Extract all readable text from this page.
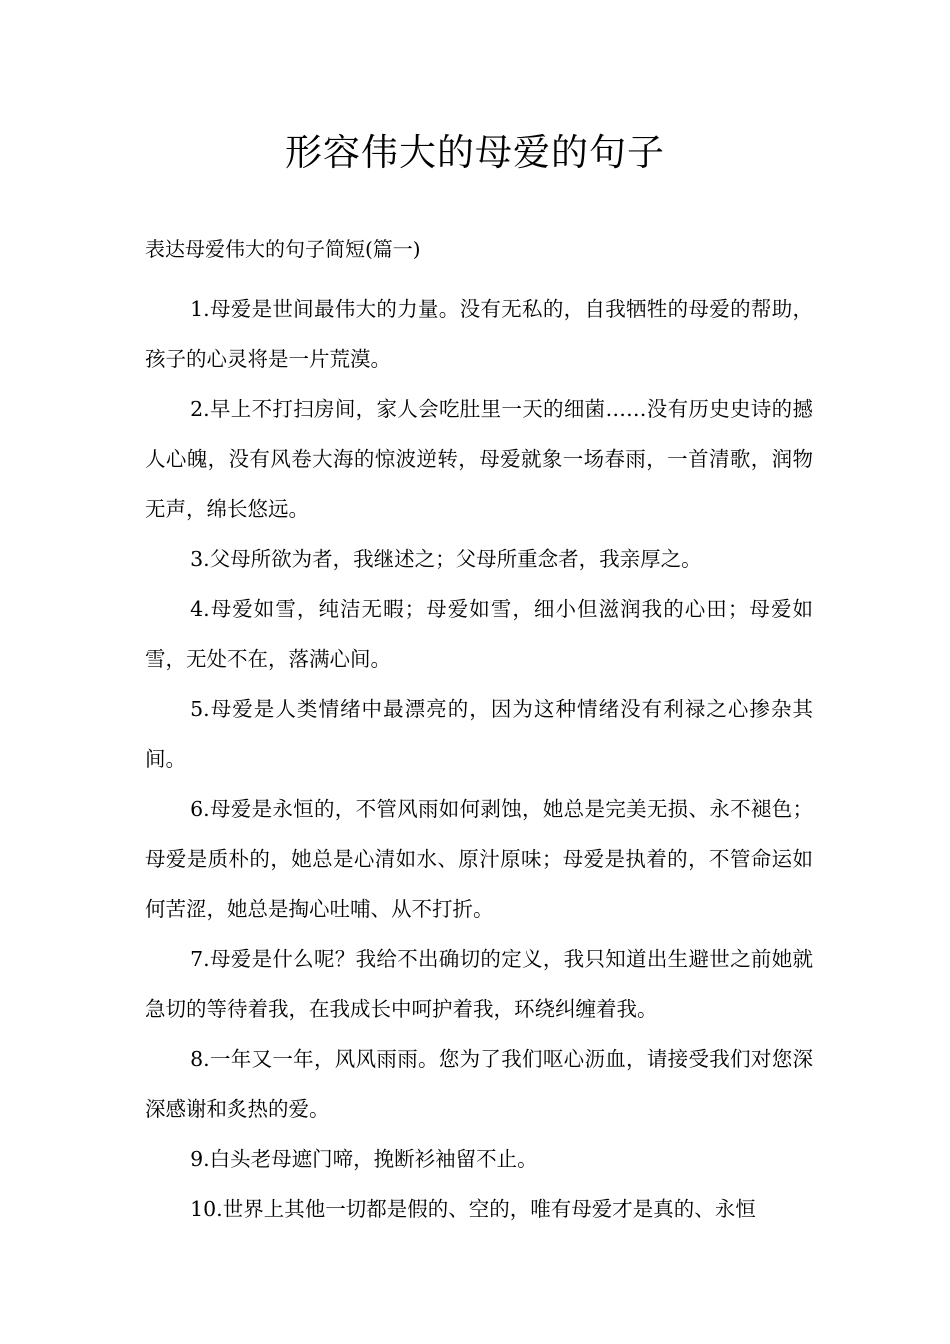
形容伟大的母爱的句子
表达母爱伟大的句子简短(篇一)

1.母爱是世间最伟大的力量。没有无私的，自我牺牲的母爱的帮助，孩子的心灵将是一片荒漠。

2.早上不打扫房间，家人会吃肚里一天的细菌……没有历史史诗的撼人心魄，没有风卷大海的惊波逆转，母爱就象一场春雨，一首清歌，润物无声，绵长悠远。

3.父母所欲为者，我继述之；父母所重念者，我亲厚之。

4.母爱如雪，纯洁无暇；母爱如雪，细小但滋润我的心田；母爱如雪，无处不在，落满心间。

5.母爱是人类情绪中最漂亮的，因为这种情绪没有利禄之心掺杂其间。

6.母爱是永恒的，不管风雨如何剥蚀，她总是完美无损、永不褪色；母爱是质朴的，她总是心清如水、原汁原味；母爱是执着的，不管命运如何苦涩，她总是掏心吐哺、从不打折。

7.母爱是什么呢？我给不出确切的定义，我只知道出生避世之前她就急切的等待着我，在我成长中呵护着我，环绕纠缠着我。

8.一年又一年，风风雨雨。您为了我们呕心沥血，请接受我们对您深深感谢和炙热的爱。

9.白头老母遮门啼，挽断衫袖留不止。

10.世界上其他一切都是假的、空的，唯有母爱才是真的、永恒
